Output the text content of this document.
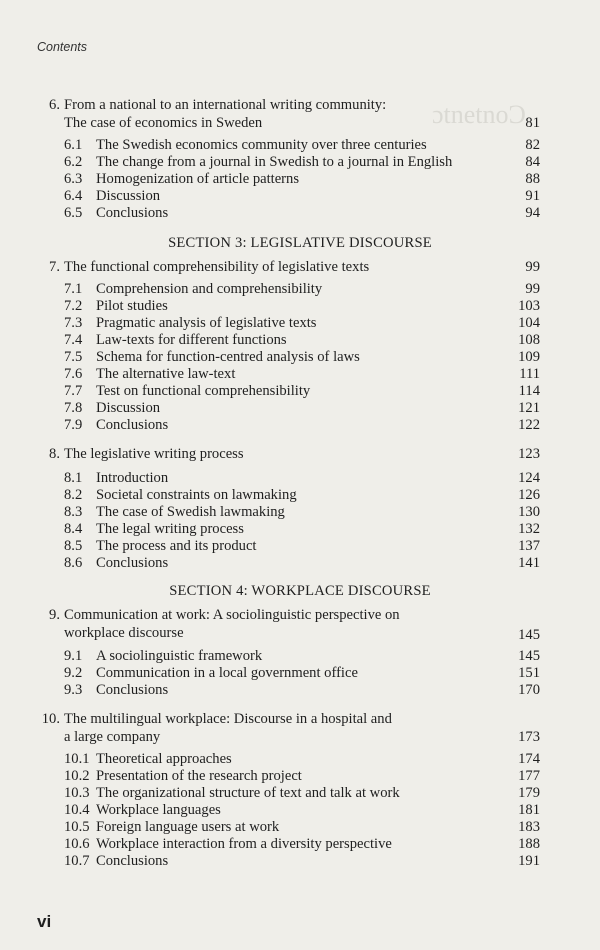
ɔtnetnoƆ
Contents
6. From a national to an international writing community:
The case of economics in Sweden	81
6.1 The Swedish economics community over three centuries	82
6.2 The change from a journal in Swedish to a journal in English	84
6.3 Homogenization of article patterns	88
6.4 Discussion	91
6.5 Conclusions	94
SECTION 3: LEGISLATIVE DISCOURSE
7. The functional comprehensibility of legislative texts	99
7.1 Comprehension and comprehensibility	99
7.2 Pilot studies	103
7.3 Pragmatic analysis of legislative texts	104
7.4 Law-texts for different functions	108
7.5 Schema for function-centred analysis of laws	109
7.6 The alternative law-text	111
7.7 Test on functional comprehensibility	114
7.8 Discussion	121
7.9 Conclusions	122
8. The legislative writing process	123
8.1 Introduction	124
8.2 Societal constraints on lawmaking	126
8.3 The case of Swedish lawmaking	130
8.4 The legal writing process	132
8.5 The process and its product	137
8.6 Conclusions	141
SECTION 4: WORKPLACE DISCOURSE
9. Communication at work: A sociolinguistic perspective on
workplace discourse	145
9.1 A sociolinguistic framework	145
9.2 Communication in a local government office	151
9.3 Conclusions	170
10. The multilingual workplace: Discourse in a hospital and
a large company	173
10.1 Theoretical approaches	174
10.2 Presentation of the research project	177
10.3 The organizational structure of text and talk at work	179
10.4 Workplace languages	181
10.5 Foreign language users at work	183
10.6 Workplace interaction from a diversity perspective	188
10.7 Conclusions	191
vi
